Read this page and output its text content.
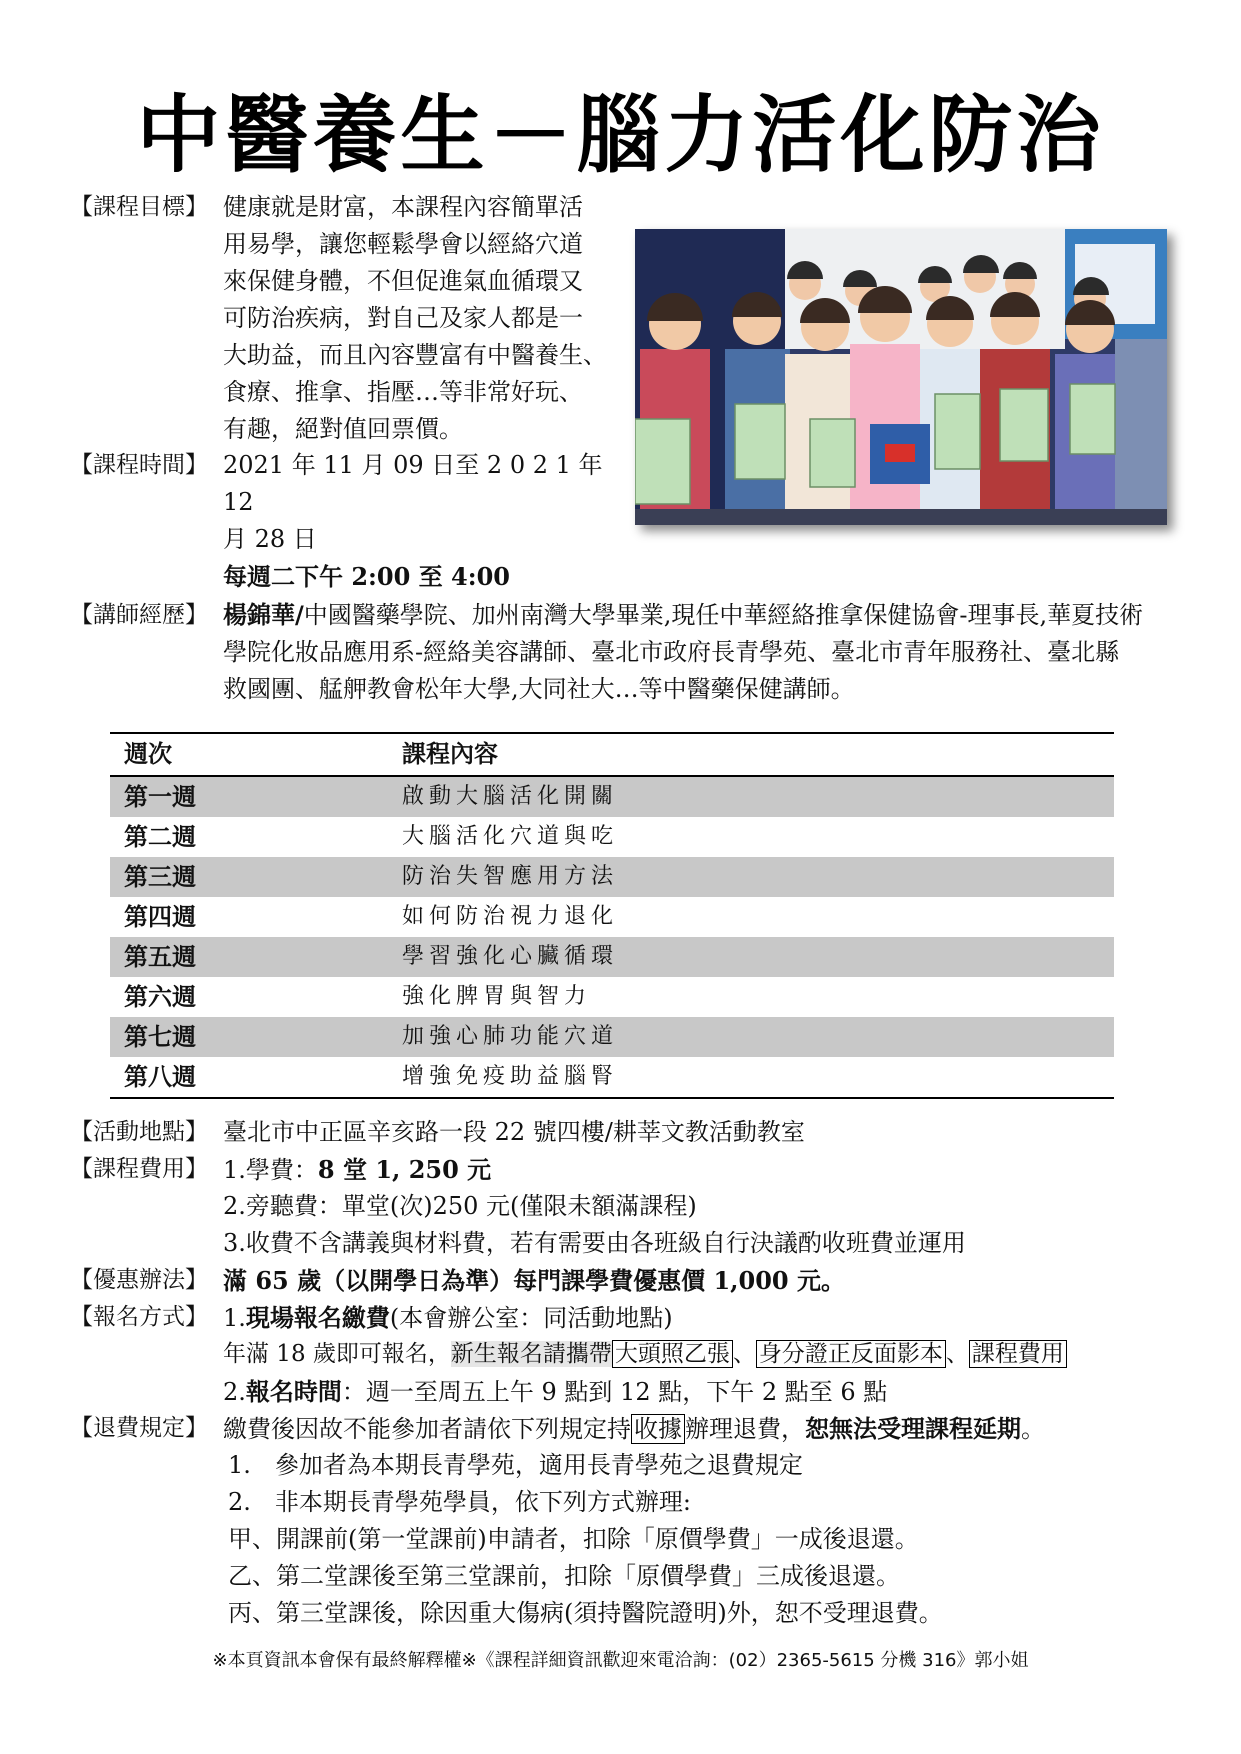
中醫養生－腦力活化防治
【課程目標】 健康就是財富，本課程內容簡單活
用易學，讓您輕鬆學會以經絡穴道
來保健身體，不但促進氣血循環又
可防治疾病，對自己及家人都是一
大助益，而且內容豐富有中醫養生、
食療、推拿、指壓…等非常好玩、
有趣，絕對值回票價。
【課程時間】 2021 年 11 月 09 日至 2 0 2 1 年 12
月 28 日
每週二下午 2:00 至 4:00
【講師經歷】 楊錦華/中國醫藥學院、加州南灣大學畢業,現任中華經絡推拿保健協會-理事長,華夏技術
學院化妝品應用系-經絡美容講師、臺北市政府長青學苑、臺北市青年服務社、臺北縣
救國團、艋舺教會松年大學,大同社大…等中醫藥保健講師。
週次	課程內容
第一週	啟動大腦活化開關
第二週	大腦活化穴道與吃
第三週	防治失智應用方法
第四週	如何防治視力退化
第五週	學習強化心臟循環
第六週	強化脾胃與智力
第七週	加強心肺功能穴道
第八週	增強免疫助益腦腎
【活動地點】 臺北市中正區辛亥路一段 22 號四樓/耕莘文教活動教室
【課程費用】 1.學費：8 堂 1, 250 元
2.旁聽費：單堂(次)250 元(僅限未額滿課程)
3.收費不含講義與材料費，若有需要由各班級自行決議酌收班費並運用
【優惠辦法】 滿 65 歲（以開學日為準）每門課學費優惠價 1,000 元。
【報名方式】 1.現場報名繳費(本會辦公室：同活動地點)
年滿 18 歲即可報名，新生報名請攜帶 大頭照乙張 、 身分證正反面影本 、 課程費用
2.報名時間：週一至周五上午 9 點到 12 點，下午 2 點至 6 點
【退費規定】 繳費後因故不能參加者請依下列規定持 收據 辦理退費，恕無法受理課程延期。
1.　參加者為本期長青學苑，適用長青學苑之退費規定
2.　非本期長青學苑學員，依下列方式辦理:
甲、開課前(第一堂課前)申請者，扣除「原價學費」一成後退還。
乙、第二堂課後至第三堂課前，扣除「原價學費」三成後退還。
丙、第三堂課後，除因重大傷病(須持醫院證明)外，恕不受理退費。
※本頁資訊本會保有最終解釋權※《課程詳細資訊歡迎來電洽詢：(02）2365-5615 分機 316》郭小姐
